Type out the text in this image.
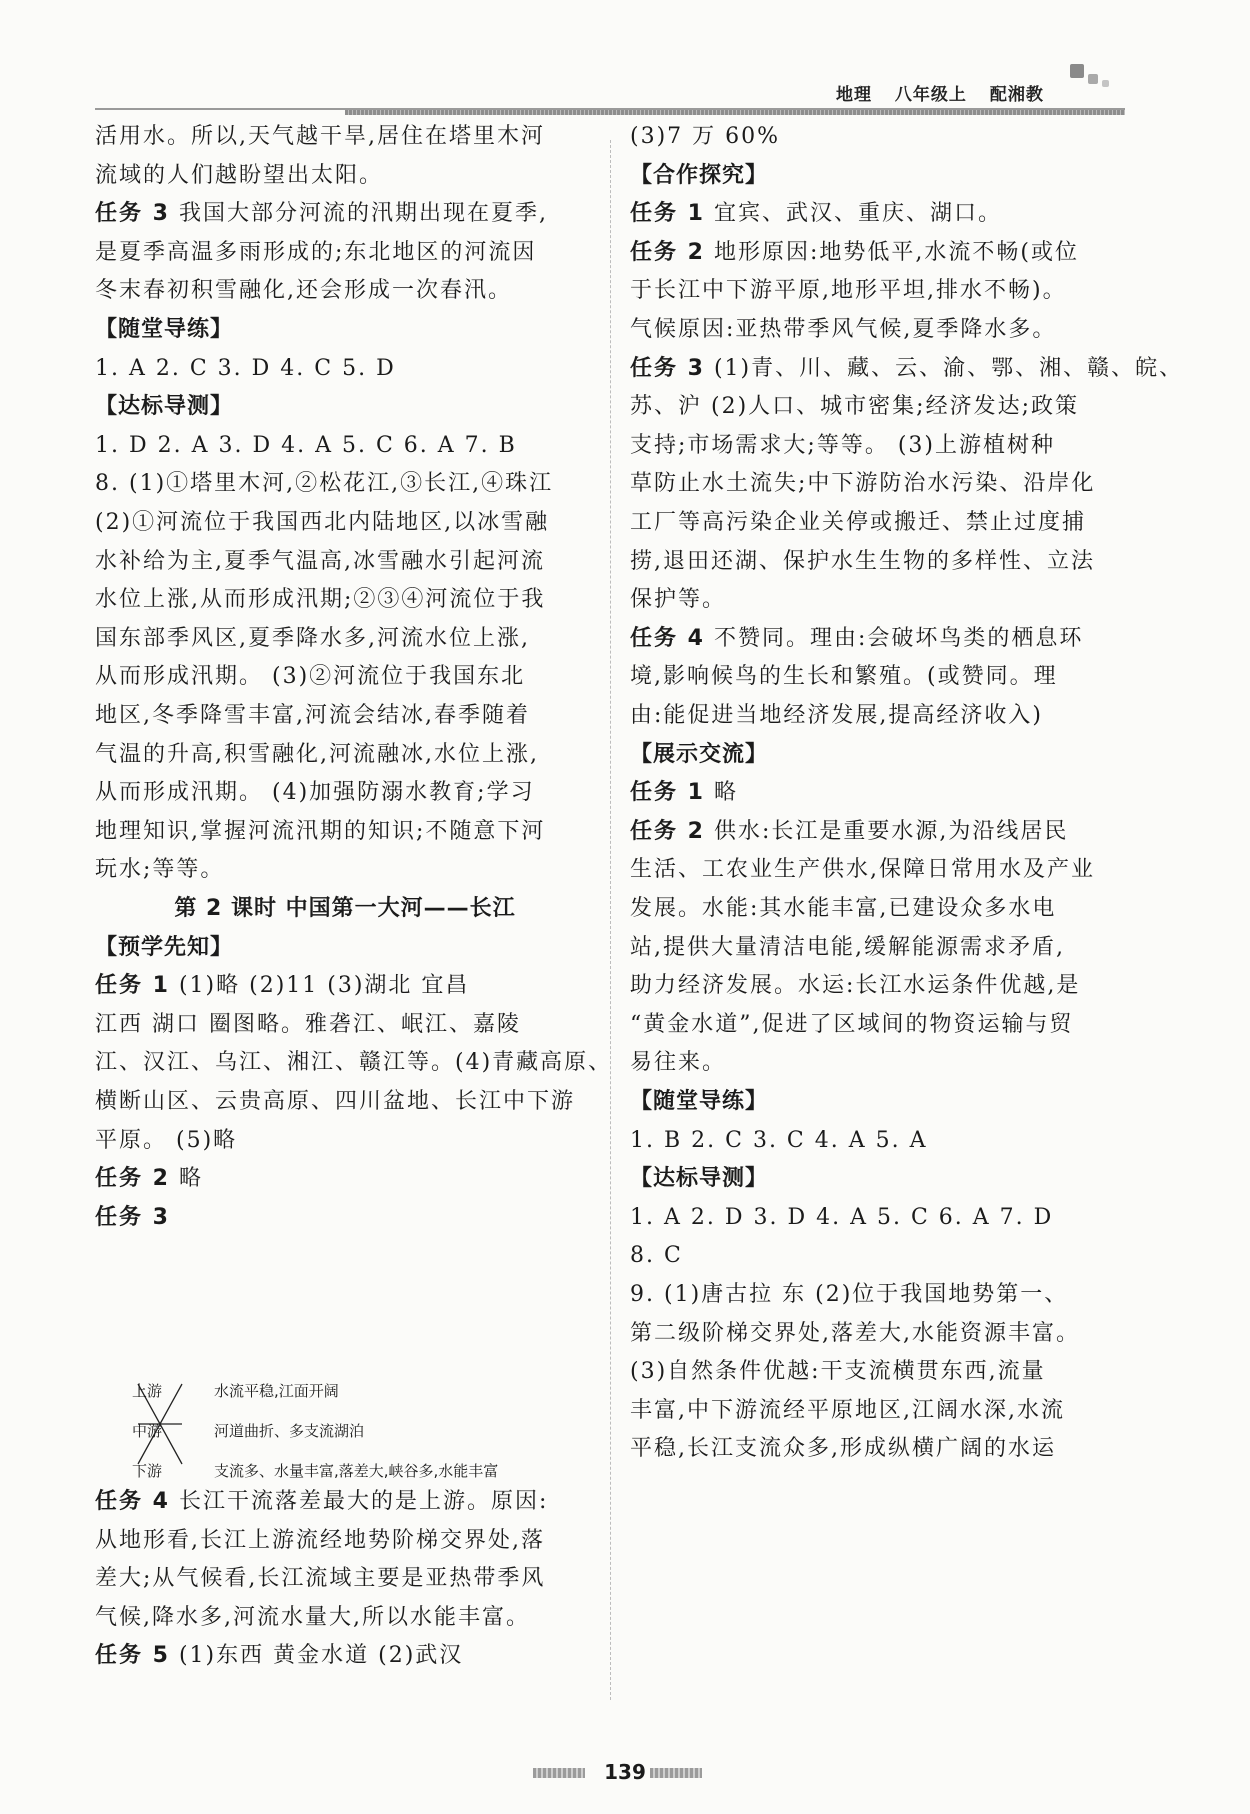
地理 八年级上 配湘教
活用水。所以,天气越干旱,居住在塔里木河
流域的人们越盼望出太阳。
任务 3 我国大部分河流的汛期出现在夏季,
是夏季高温多雨形成的;东北地区的河流因
冬末春初积雪融化,还会形成一次春汛。
【随堂导练】
1. A 2. C 3. D 4. C 5. D
【达标导测】
1. D 2. A 3. D 4. A 5. C 6. A 7. B
8. (1)①塔里木河,②松花江,③长江,④珠江
(2)①河流位于我国西北内陆地区,以冰雪融
水补给为主,夏季气温高,冰雪融水引起河流
水位上涨,从而形成汛期;②③④河流位于我
国东部季风区,夏季降水多,河流水位上涨,
从而形成汛期。 (3)②河流位于我国东北
地区,冬季降雪丰富,河流会结冰,春季随着
气温的升高,积雪融化,河流融冰,水位上涨,
从而形成汛期。 (4)加强防溺水教育;学习
地理知识,掌握河流汛期的知识;不随意下河
玩水;等等。
第 2 课时 中国第一大河——长江
【预学先知】
任务 1 (1)略 (2)11 (3)湖北 宜昌
江西 湖口 圈图略。雅砻江、岷江、嘉陵
江、汉江、乌江、湘江、赣江等。(4)青藏高原、
横断山区、云贵高原、四川盆地、长江中下游
平原。 (5)略
任务 2 略
任务 3
任务 4 长江干流落差最大的是上游。原因:
从地形看,长江上游流经地势阶梯交界处,落
差大;从气候看,长江流域主要是亚热带季风
气候,降水多,河流水量大,所以水能丰富。
任务 5 (1)东西 黄金水道 (2)武汉
(3)7 万 60%
【合作探究】
任务 1 宜宾、武汉、重庆、湖口。
任务 2 地形原因:地势低平,水流不畅(或位
于长江中下游平原,地形平坦,排水不畅)。
气候原因:亚热带季风气候,夏季降水多。
任务 3 (1)青、川、藏、云、渝、鄂、湘、赣、皖、
苏、沪 (2)人口、城市密集;经济发达;政策
支持;市场需求大;等等。 (3)上游植树种
草防止水土流失;中下游防治水污染、沿岸化
工厂等高污染企业关停或搬迁、禁止过度捕
捞,退田还湖、保护水生生物的多样性、立法
保护等。
任务 4 不赞同。理由:会破坏鸟类的栖息环
境,影响候鸟的生长和繁殖。(或赞同。理
由:能促进当地经济发展,提高经济收入)
【展示交流】
任务 1 略
任务 2 供水:长江是重要水源,为沿线居民
生活、工农业生产供水,保障日常用水及产业
发展。水能:其水能丰富,已建设众多水电
站,提供大量清洁电能,缓解能源需求矛盾,
助力经济发展。水运:长江水运条件优越,是
“黄金水道”,促进了区域间的物资运输与贸
易往来。
【随堂导练】
1. B 2. C 3. C 4. A 5. A
【达标导测】
1. A 2. D 3. D 4. A 5. C 6. A 7. D
8. C
9. (1)唐古拉 东 (2)位于我国地势第一、
第二级阶梯交界处,落差大,水能资源丰富。
(3)自然条件优越:干支流横贯东西,流量
丰富,中下游流经平原地区,江阔水深,水流
平稳,长江支流众多,形成纵横广阔的水运
上游
中游
下游
水流平稳,江面开阔
河道曲折、多支流湖泊
支流多、水量丰富,落差大,峡谷多,水能丰富
139
